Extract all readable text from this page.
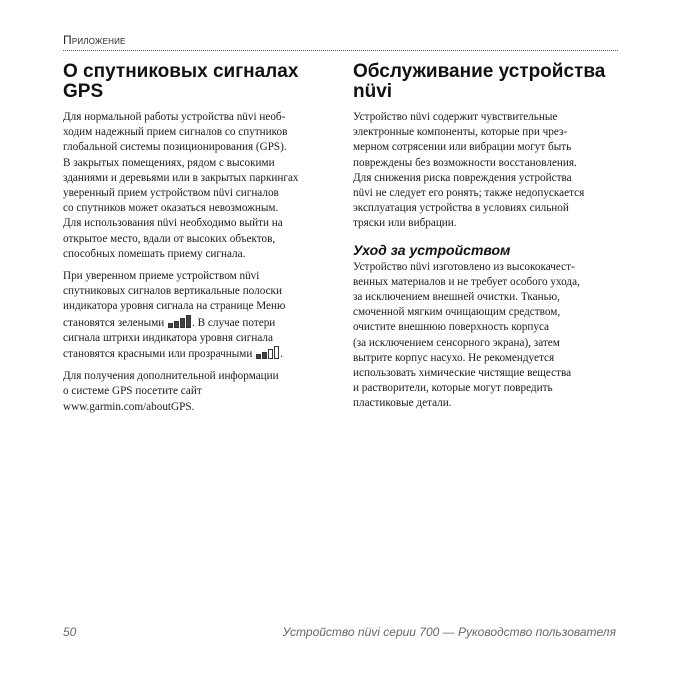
Приложение
О спутниковых сигналах
GPS

Для нормальной работы устройства nüvi необ-
ходим надежный прием сигналов со спутников
глобальной системы позиционирования (GPS).
В закрытых помещениях, рядом с высокими
зданиями и деревьями или в закрытых паркингах
уверенный прием устройством nüvi сигналов
со спутников может оказаться невозможным.
Для использования nüvi необходимо выйти на
открытое место, вдали от высоких объектов,
способных помешать приему сигнала.

При уверенном приеме устройством nüvi
спутниковых сигналов вертикальные полоски
индикатора уровня сигнала на странице Меню
становятся зелеными . В случае потери
сигнала штрихи индикатора уровня сигнала
становятся красными или прозрачными .

Для получения дополнительной информации
о системе GPS посетите сайт
www.garmin.com/aboutGPS.

Обслуживание устройства
nüvi

Устройство nüvi содержит чувствительные
электронные компоненты, которые при чрез-
мерном сотрясении или вибрации могут быть
повреждены без возможности восстановления.
Для снижения риска повреждения устройства
nüvi не следует его ронять; также недопускается
эксплуатация устройства в условиях сильной
тряски или вибрации.

Уход за устройством

Устройство nüvi изготовлено из высококачест-
венных материалов и не требует особого ухода,
за исключением внешней очистки. Тканью,
смоченной мягким очищающим средством,
очистите внешнюю поверхность корпуса
(за исключением сенсорного экрана), затем
вытрите корпус насухо. Не рекомендуется
использовать химические чистящие вещества
и растворители, которые могут повредить
пластиковые детали.

50	Устройство nüvi серии 700 — Руководство пользователя
